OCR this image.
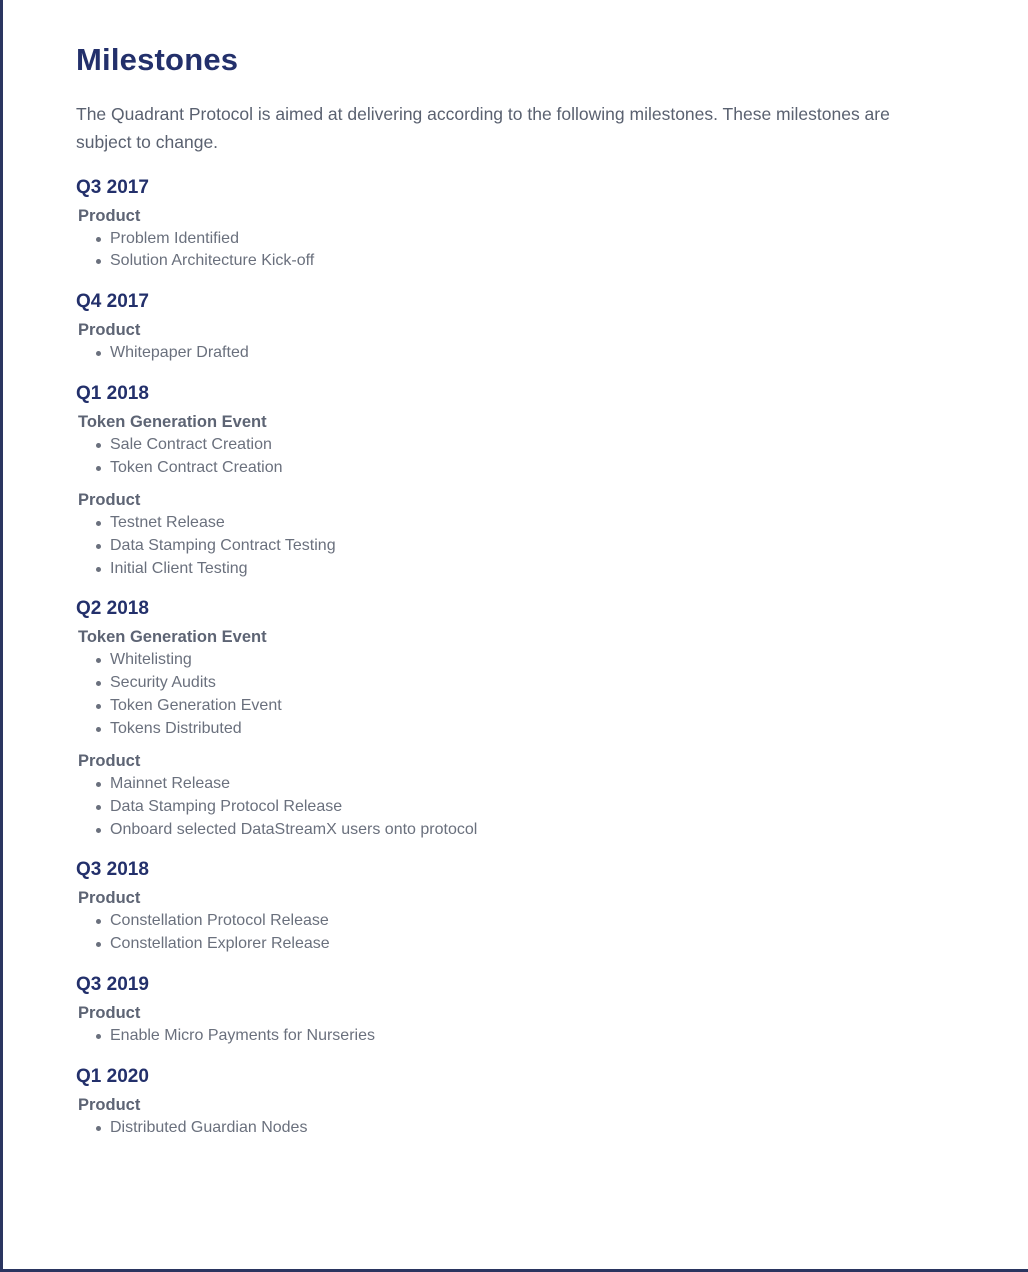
Milestones

The Quadrant Protocol is aimed at delivering according to the following milestones. These milestones are subject to change.

Q3 2017
Product
Problem Identified
Solution Architecture Kick-off
Q4 2017
Product
Whitepaper Drafted
Q1 2018
Token Generation Event
Sale Contract Creation
Token Contract Creation
Product
Testnet Release
Data Stamping Contract Testing
Initial Client Testing
Q2 2018
Token Generation Event
Whitelisting
Security Audits
Token Generation Event
Tokens Distributed
Product
Mainnet Release
Data Stamping Protocol Release
Onboard selected DataStreamX users onto protocol
Q3 2018
Product
Constellation Protocol Release
Constellation Explorer Release
Q3 2019
Product
Enable Micro Payments for Nurseries
Q1 2020
Product
Distributed Guardian Nodes
